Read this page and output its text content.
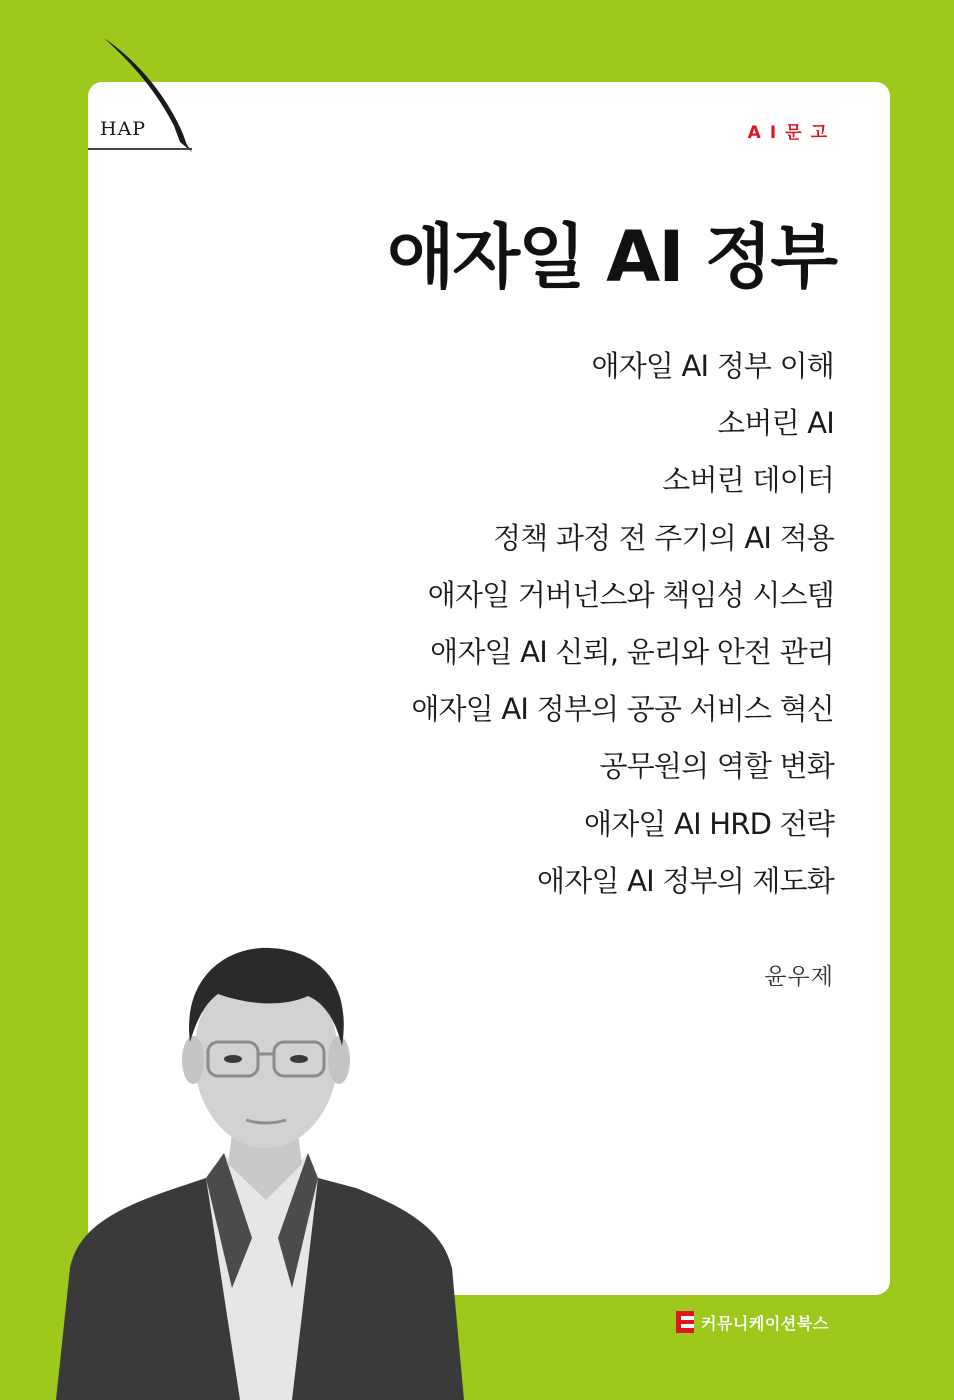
HAP	AI문고
애자일 AI 정부
애자일 AI 정부 이해
소버린 AI
소버린 데이터
정책 과정 전 주기의 AI 적용
애자일 거버넌스와 책임성 시스템
애자일 AI 신뢰, 윤리와 안전 관리
애자일 AI 정부의 공공 서비스 혁신
공무원의 역할 변화
애자일 AI HRD 전략
애자일 AI 정부의 제도화
윤우제
커뮤니케이션북스
